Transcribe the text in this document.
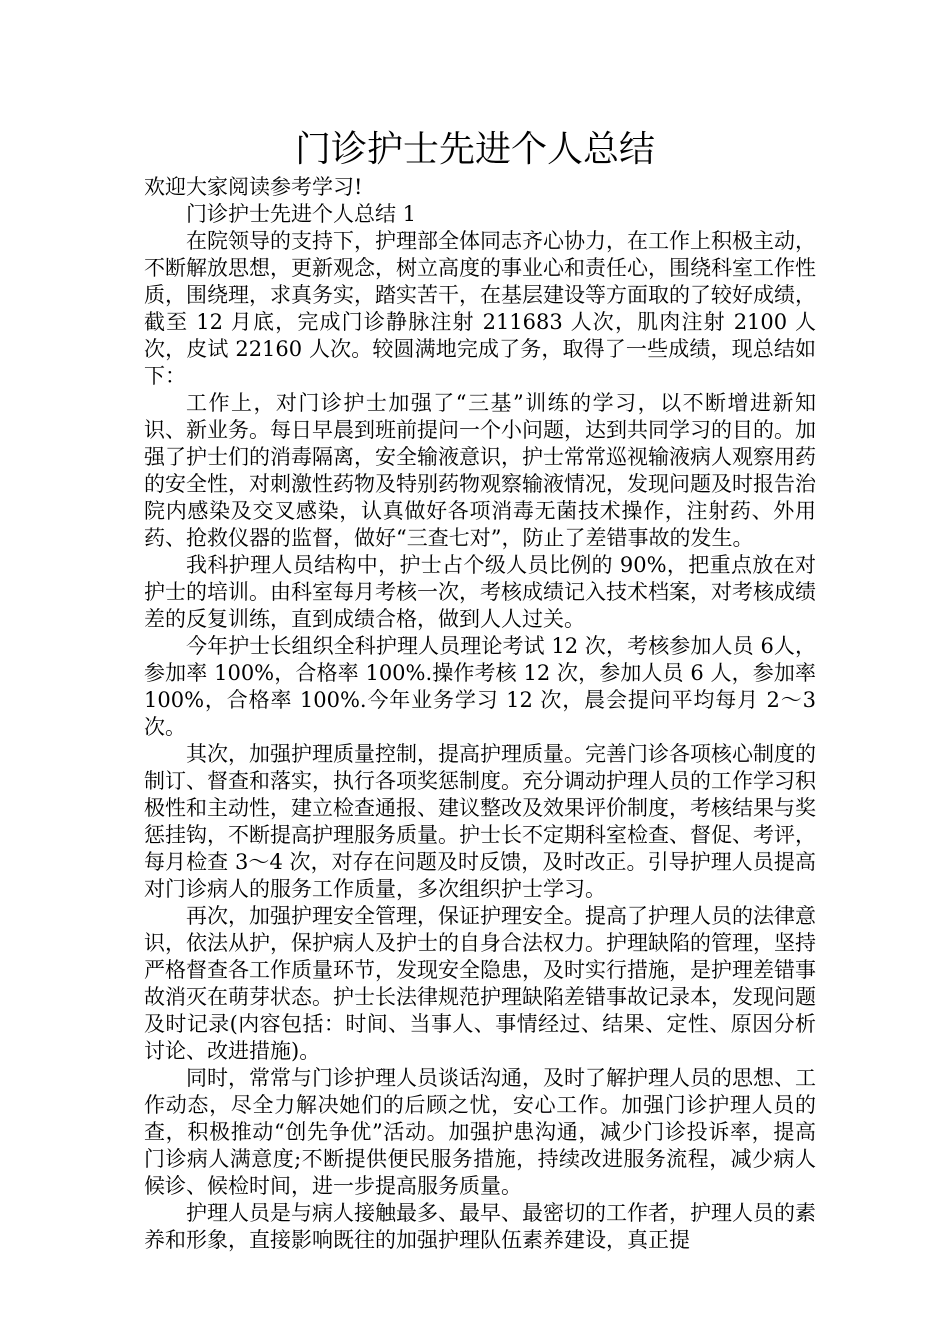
门诊护士先进个人总结

欢迎大家阅读参考学习!

门诊护士先进个人总结 1

在院领导的支持下，护理部全体同志齐心协力，在工作上积极主动，不断解放思想，更新观念，树立高度的事业心和责任心，围绕科室工作性质，围绕理，求真务实，踏实苦干，在基层建设等方面取的了较好成绩，截至 12 月底，完成门诊静脉注射 211683 人次，肌肉注射 2100 人次，皮试 22160 人次。较圆满地完成了务，取得了一些成绩，现总结如下：

工作上，对门诊护士加强了“三基”训练的学习，以不断增进新知识、新业务。每日早晨到班前提问一个小问题，达到共同学习的目的。加强了护士们的消毒隔离，安全输液意识，护士常常巡视输液病人观察用药的安全性，对刺激性药物及特别药物观察输液情况，发现问题及时报告治院内感染及交叉感染，认真做好各项消毒无菌技术操作，注射药、外用药、抢救仪器的监督，做好“三查七对”，防止了差错事故的发生。

我科护理人员结构中，护士占个级人员比例的 90%，把重点放在对护士的培训。由科室每月考核一次，考核成绩记入技术档案，对考核成绩差的反复训练，直到成绩合格，做到人人过关。

今年护士长组织全科护理人员理论考试 12 次，考核参加人员 6人，参加率 100%，合格率 100%.操作考核 12 次，参加人员 6 人，参加率 100%，合格率 100%.今年业务学习 12 次，晨会提问平均每月 2～3 次。

其次，加强护理质量控制，提高护理质量。完善门诊各项核心制度的制订、督查和落实，执行各项奖惩制度。充分调动护理人员的工作学习积极性和主动性，建立检查通报、建议整改及效果评价制度，考核结果与奖惩挂钩，不断提高护理服务质量。护士长不定期科室检查、督促、考评，每月检查 3～4 次，对存在问题及时反馈，及时改正。引导护理人员提高对门诊病人的服务工作质量，多次组织护士学习。

再次，加强护理安全管理，保证护理安全。提高了护理人员的法律意识，依法从护，保护病人及护士的自身合法权力。护理缺陷的管理，坚持严格督查各工作质量环节，发现安全隐患，及时实行措施，是护理差错事故消灭在萌芽状态。护士长法律规范护理缺陷差错事故记录本，发现问题及时记录(内容包括：时间、当事人、事情经过、结果、定性、原因分析讨论、改进措施)。

同时，常常与门诊护理人员谈话沟通，及时了解护理人员的思想、工作动态，尽全力解决她们的后顾之忧，安心工作。加强门诊护理人员的查，积极推动“创先争优”活动。加强护患沟通，减少门诊投诉率，提高门诊病人满意度;不断提供便民服务措施，持续改进服务流程，减少病人候诊、候检时间，进一步提高服务质量。

护理人员是与病人接触最多、最早、最密切的工作者，护理人员的素养和形象，直接影响既往的加强护理队伍素养建设，真正提
